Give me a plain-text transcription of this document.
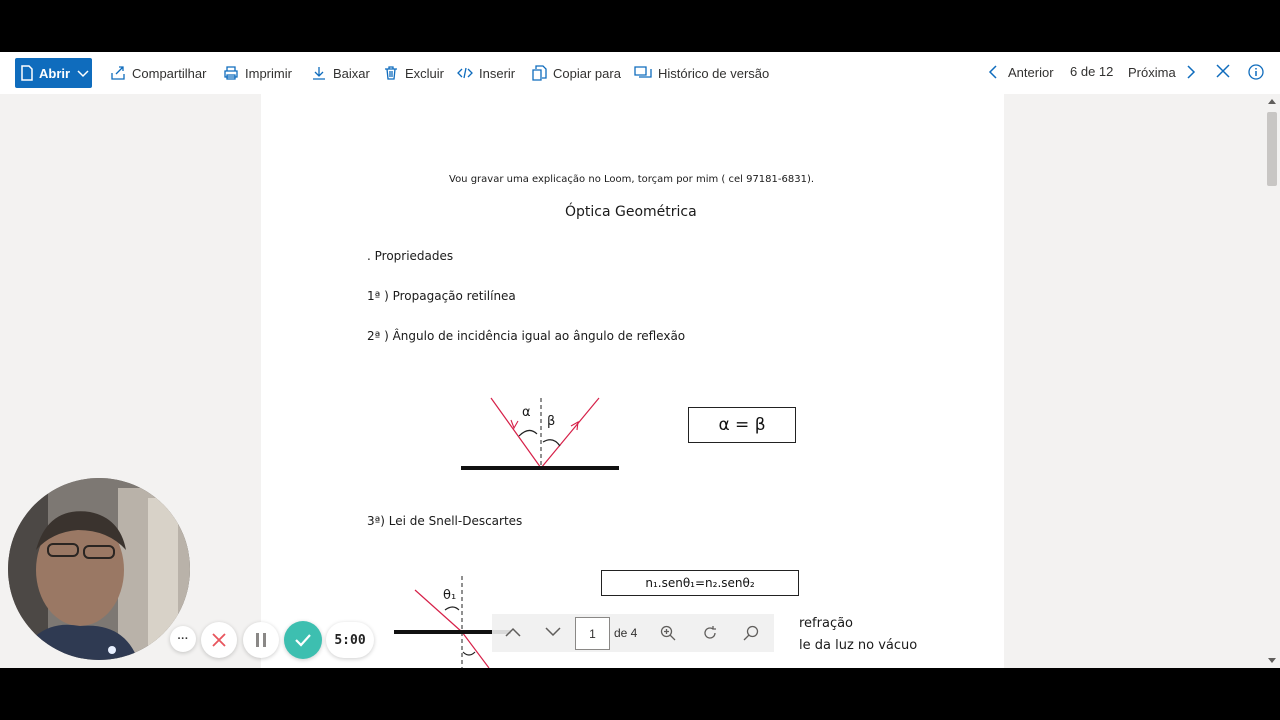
Abrir	Compartilhar	Imprimir	Baixar	Excluir	Inserir	Copiar para	Histórico de versão	Anterior 6 de 12 Próxima
Vou gravar uma explicação no Loom, torçam por mim ( cel 97181-6831).
Óptica Geométrica
. Propriedades
1ª ) Propagação retilínea
2ª ) Ângulo de incidência igual ao ângulo de reflexão
α
β	α = β
3ª) Lei de Snell-Descartes
n₁.senθ₁=n₂.senθ₂
θ₁
refração
le da luz no vácuo
1	de 4
···	5:00
